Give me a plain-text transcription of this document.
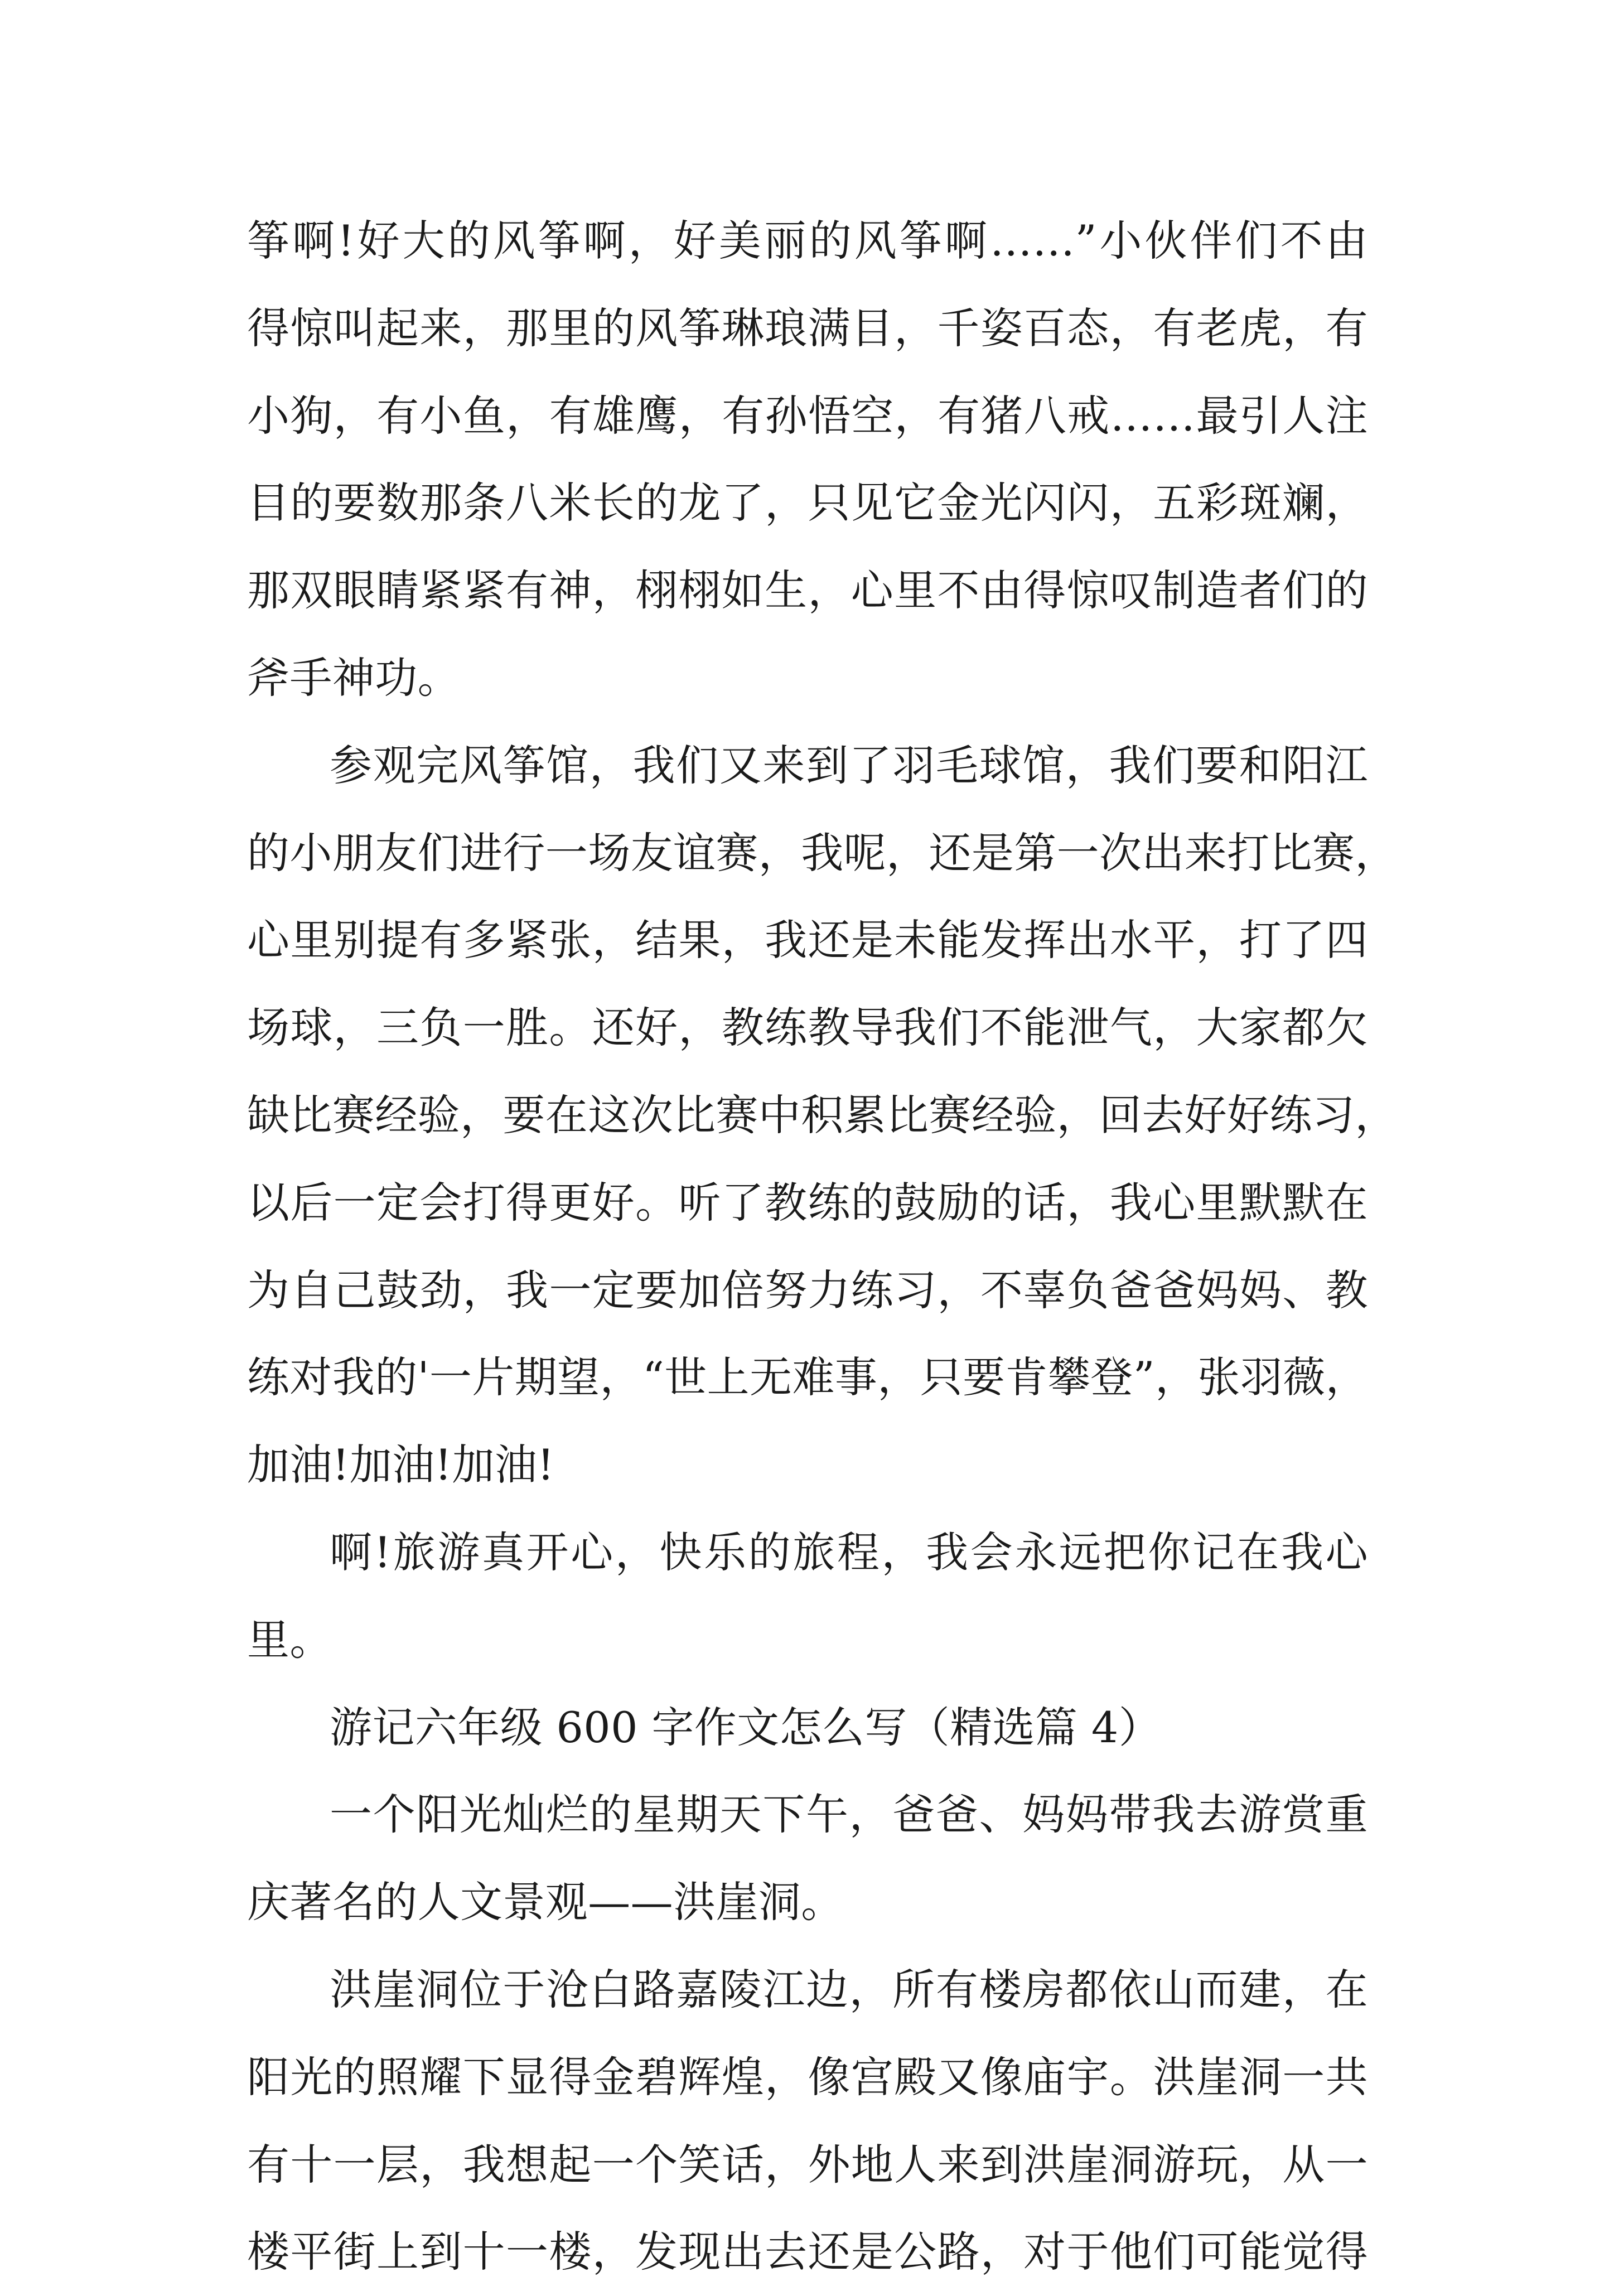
筝啊!好大的风筝啊，好美丽的风筝啊……”小伙伴们不由
得惊叫起来，那里的风筝琳琅满目，千姿百态，有老虎，有
小狗，有小鱼，有雄鹰，有孙悟空，有猪八戒……最引人注
目的要数那条八米长的龙了，只见它金光闪闪，五彩斑斓，
那双眼睛紧紧有神，栩栩如生，心里不由得惊叹制造者们的
斧手神功。
参观完风筝馆，我们又来到了羽毛球馆，我们要和阳江
的小朋友们进行一场友谊赛，我呢，还是第一次出来打比赛，
心里别提有多紧张，结果，我还是未能发挥出水平，打了四
场球，三负一胜。还好，教练教导我们不能泄气，大家都欠
缺比赛经验，要在这次比赛中积累比赛经验，回去好好练习，
以后一定会打得更好。听了教练的鼓励的话，我心里默默在
为自己鼓劲，我一定要加倍努力练习，不辜负爸爸妈妈、教
练对我的'一片期望，“世上无难事，只要肯攀登”，张羽薇，
加油!加油!加油!
啊!旅游真开心，快乐的旅程，我会永远把你记在我心
里。
游记六年级 600 字作文怎么写（精选篇 4）
一个阳光灿烂的星期天下午，爸爸、妈妈带我去游赏重
庆著名的人文景观——洪崖洞。
洪崖洞位于沧白路嘉陵江边，所有楼房都依山而建，在
阳光的照耀下显得金碧辉煌，像宫殿又像庙宇。洪崖洞一共
有十一层，我想起一个笑话，外地人来到洪崖洞游玩，从一
楼平街上到十一楼，发现出去还是公路，对于他们可能觉得
